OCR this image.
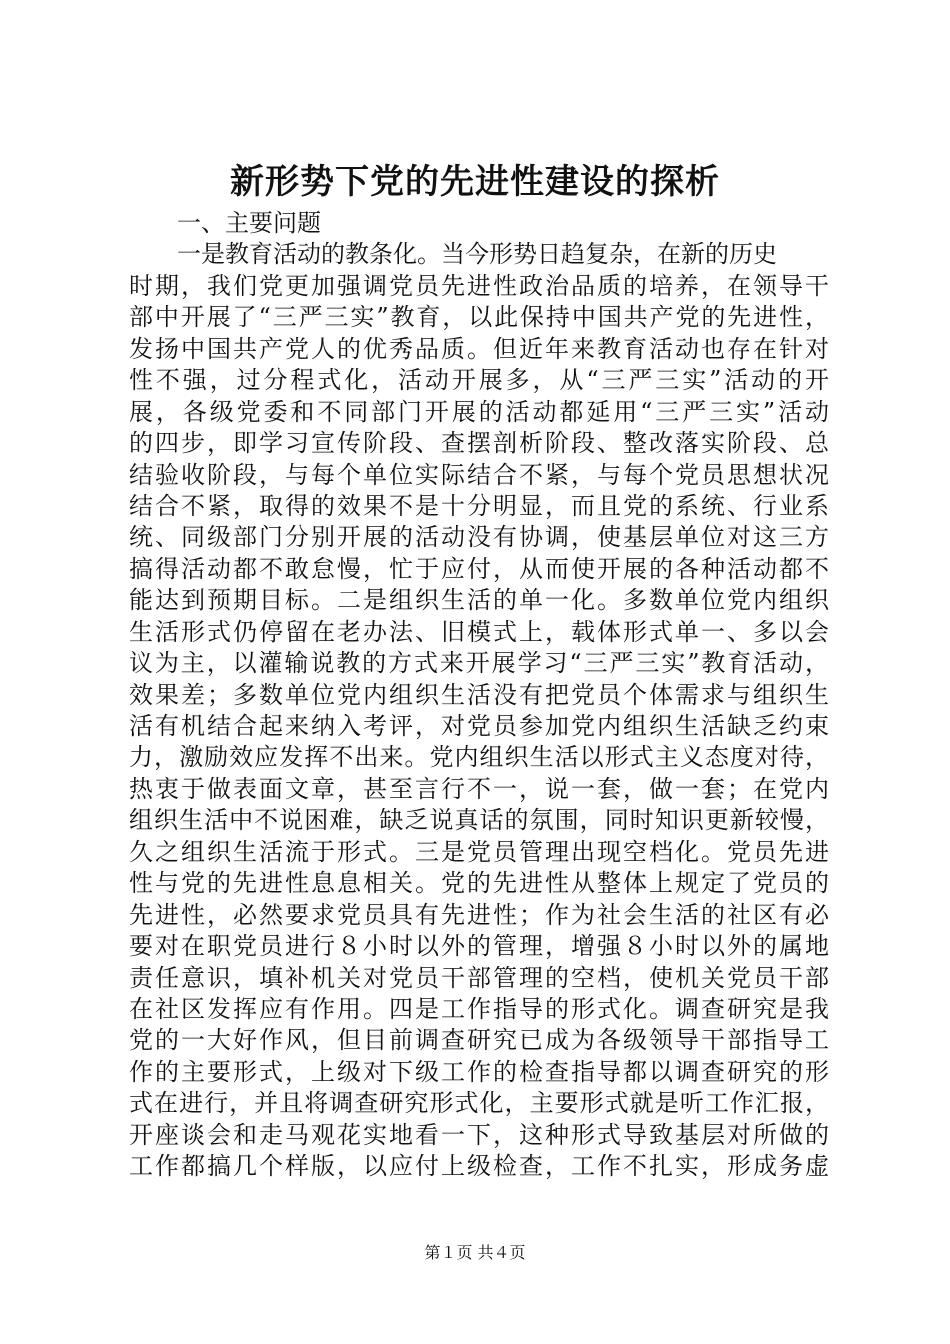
新形势下党的先进性建设的探析
一、主要问题
一是教育活动的教条化。当今形势日趋复杂，在新的历史
时期，我们党更加强调党员先进性政治品质的培养，在领导干
部中开展了“三严三实”教育，以此保持中国共产党的先进性，
发扬中国共产党人的优秀品质。但近年来教育活动也存在针对
性不强，过分程式化，活动开展多，从“三严三实”活动的开
展，各级党委和不同部门开展的活动都延用“三严三实”活动
的四步，即学习宣传阶段、查摆剖析阶段、整改落实阶段、总
结验收阶段，与每个单位实际结合不紧，与每个党员思想状况
结合不紧，取得的效果不是十分明显，而且党的系统、行业系
统、同级部门分别开展的活动没有协调，使基层单位对这三方
搞得活动都不敢怠慢，忙于应付，从而使开展的各种活动都不
能达到预期目标。二是组织生活的单一化。多数单位党内组织
生活形式仍停留在老办法、旧模式上，载体形式单一、多以会
议为主，以灌输说教的方式来开展学习“三严三实”教育活动，
效果差；多数单位党内组织生活没有把党员个体需求与组织生
活有机结合起来纳入考评，对党员参加党内组织生活缺乏约束
力，激励效应发挥不出来。党内组织生活以形式主义态度对待，
热衷于做表面文章，甚至言行不一，说一套，做一套；在党内
组织生活中不说困难，缺乏说真话的氛围，同时知识更新较慢，
久之组织生活流于形式。三是党员管理出现空档化。党员先进
性与党的先进性息息相关。党的先进性从整体上规定了党员的
先进性，必然要求党员具有先进性；作为社会生活的社区有必
要对在职党员进行８小时以外的管理，增强８小时以外的属地
责任意识，填补机关对党员干部管理的空档，使机关党员干部
在社区发挥应有作用。四是工作指导的形式化。调查研究是我
党的一大好作风，但目前调查研究已成为各级领导干部指导工
作的主要形式，上级对下级工作的检查指导都以调查研究的形
式在进行，并且将调查研究形式化，主要形式就是听工作汇报，
开座谈会和走马观花实地看一下，这种形式导致基层对所做的
工作都搞几个样版，以应付上级检查，工作不扎实，形成务虚
第１页 共４页
